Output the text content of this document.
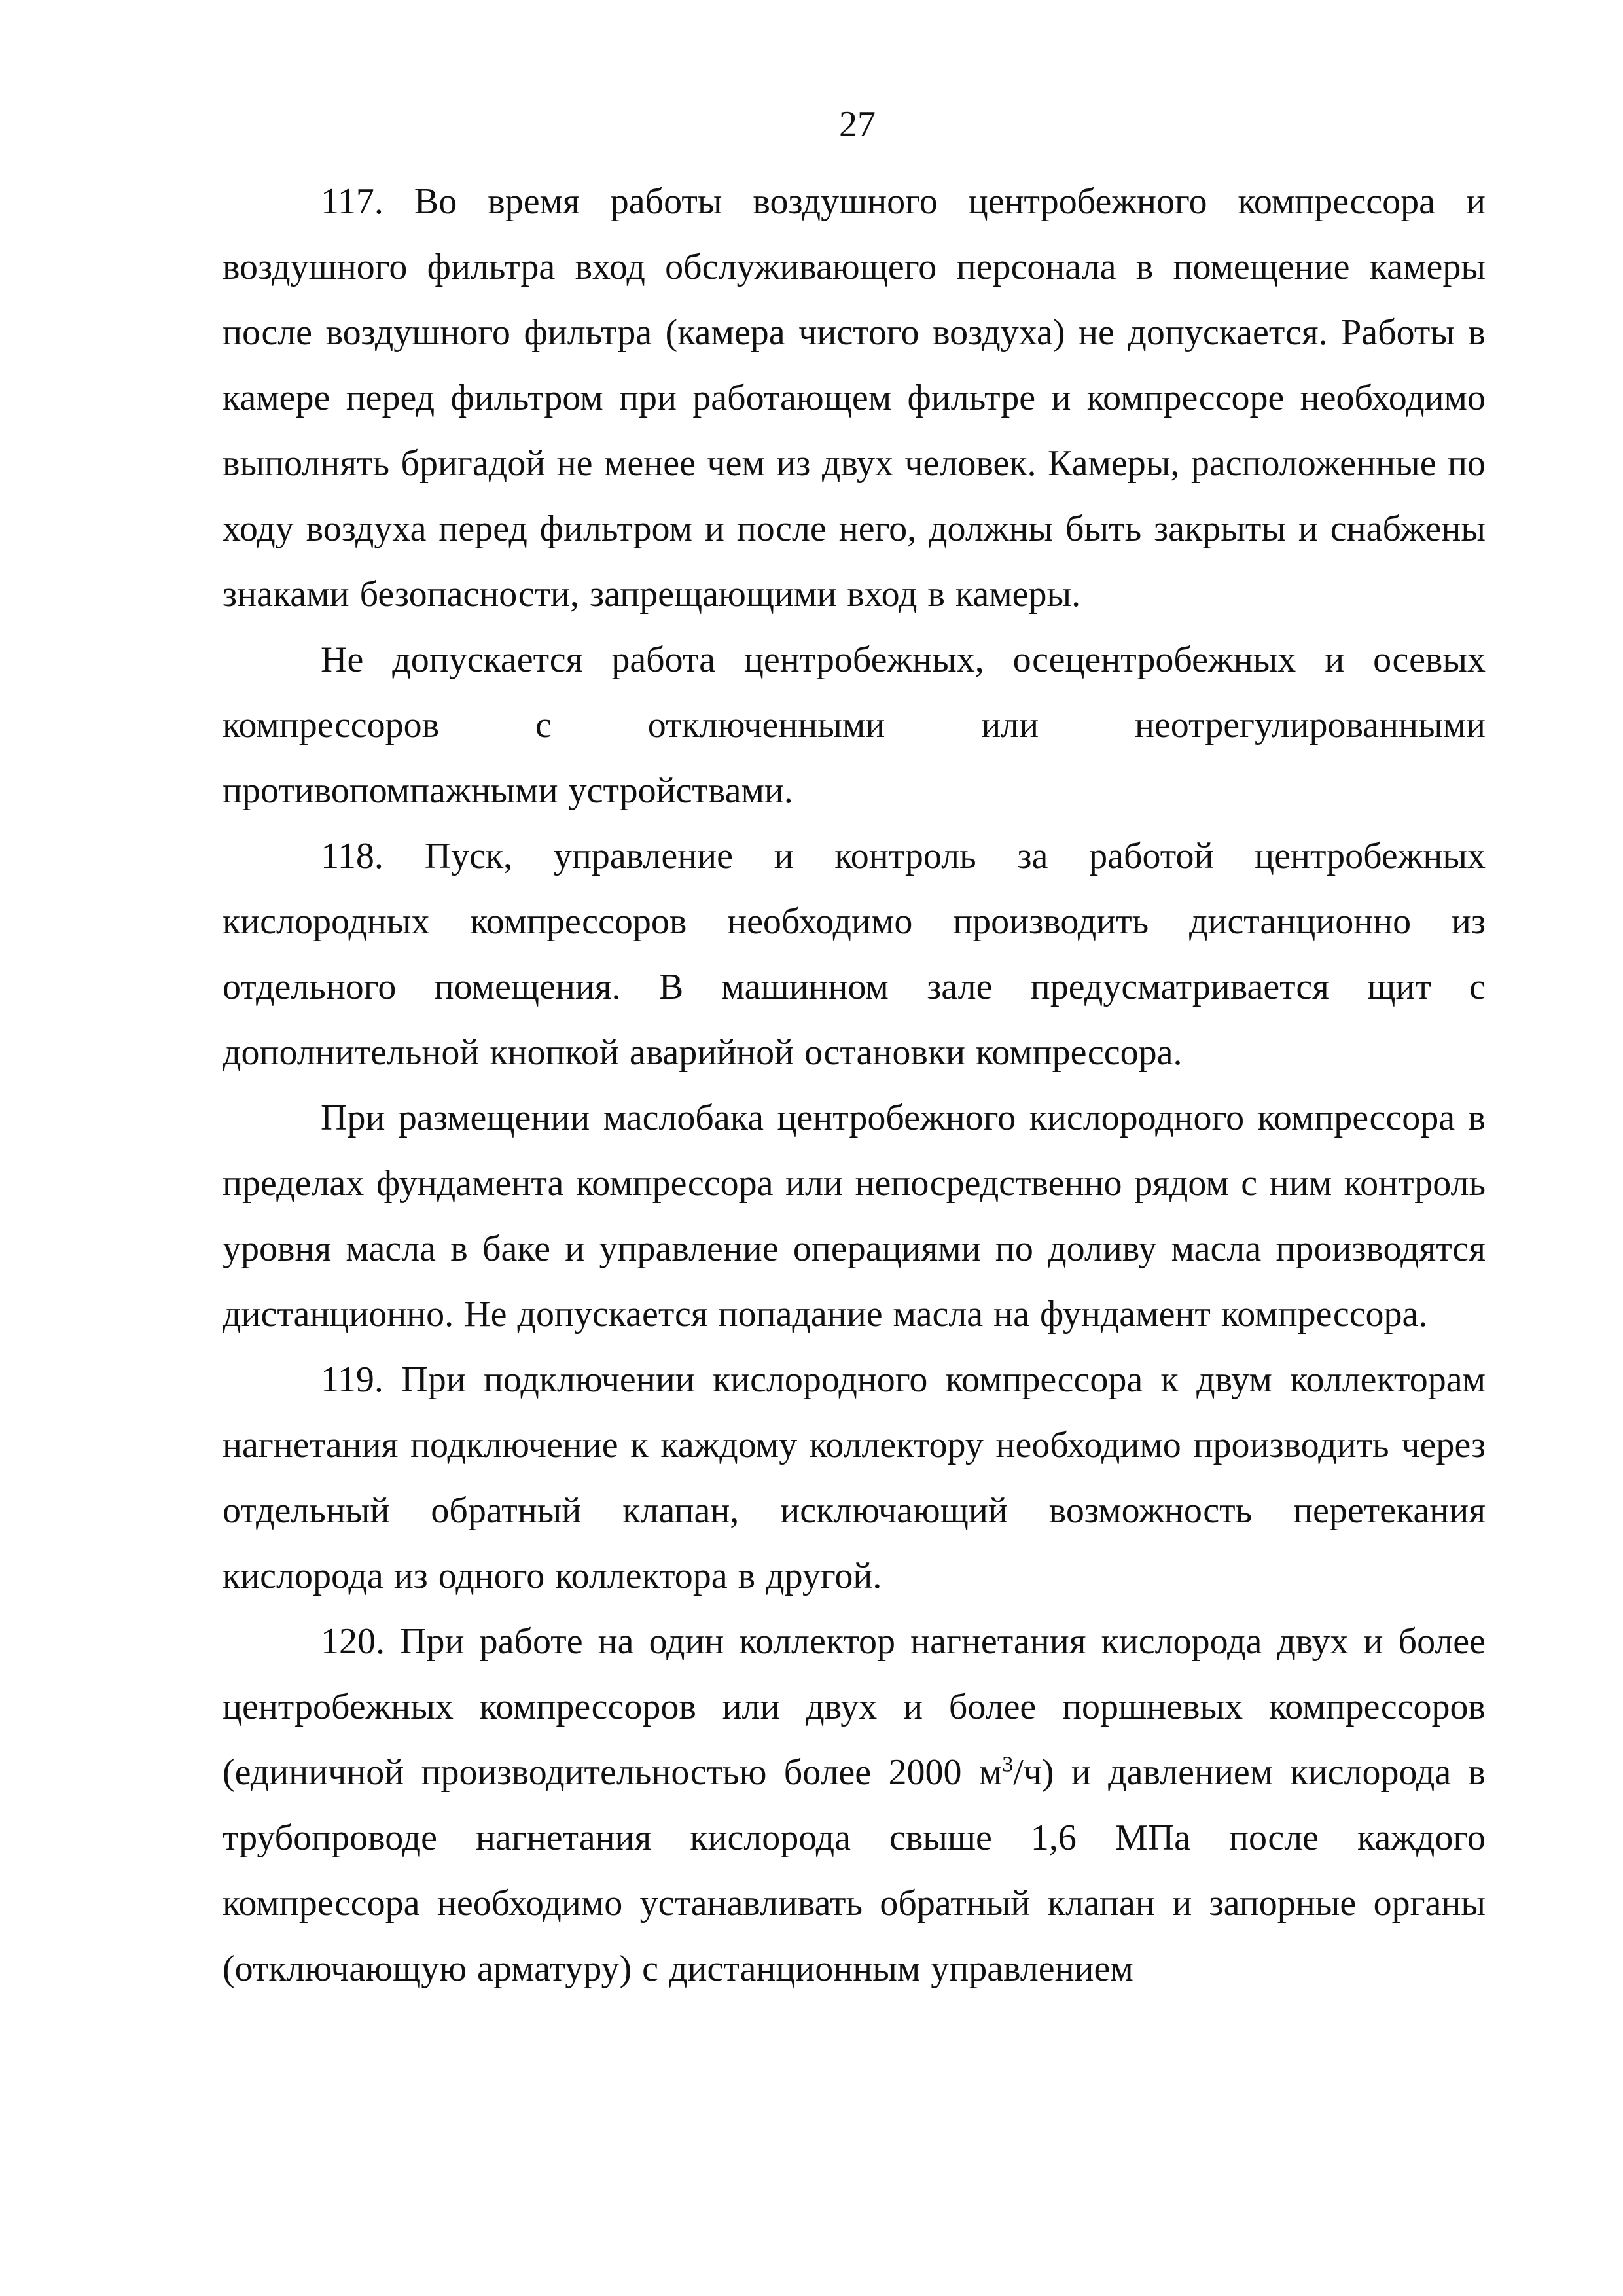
27

117. Во время работы воздушного центробежного компрессора и воздушного фильтра вход обслуживающего персонала в помещение камеры после воздушного фильтра (камера чистого воздуха) не допускается. Работы в камере перед фильтром при работающем фильтре и компрессоре необходимо выполнять бригадой не менее чем из двух человек. Камеры, расположенные по ходу воздуха перед фильтром и после него, должны быть закрыты и снабжены знаками безопасности, запрещающими вход в камеры.

Не допускается работа центробежных, осецентробежных и осевых компрессоров с отключенными или неотрегулированными противопомпажными устройствами.

118. Пуск, управление и контроль за работой центробежных кислородных компрессоров необходимо производить дистанционно из отдельного помещения. В машинном зале предусматривается щит с дополнительной кнопкой аварийной остановки компрессора.

При размещении маслобака центробежного кислородного компрессора в пределах фундамента компрессора или непосредственно рядом с ним контроль уровня масла в баке и управление операциями по доливу масла производятся дистанционно. Не допускается попадание масла на фундамент компрессора.

119. При подключении кислородного компрессора к двум коллекторам нагнетания подключение к каждому коллектору необходимо производить через отдельный обратный клапан, исключающий возможность перетекания кислорода из одного коллектора в другой.

120. При работе на один коллектор нагнетания кислорода двух и более центробежных компрессоров или двух и более поршневых компрессоров (единичной производительностью более 2000 $м^3/ч$) и давлением кислорода в трубопроводе нагнетания кислорода свыше 1,6 МПа после каждого компрессора необходимо устанавливать обратный клапан и запорные органы (отключающую арматуру) с дистанционным управлением
